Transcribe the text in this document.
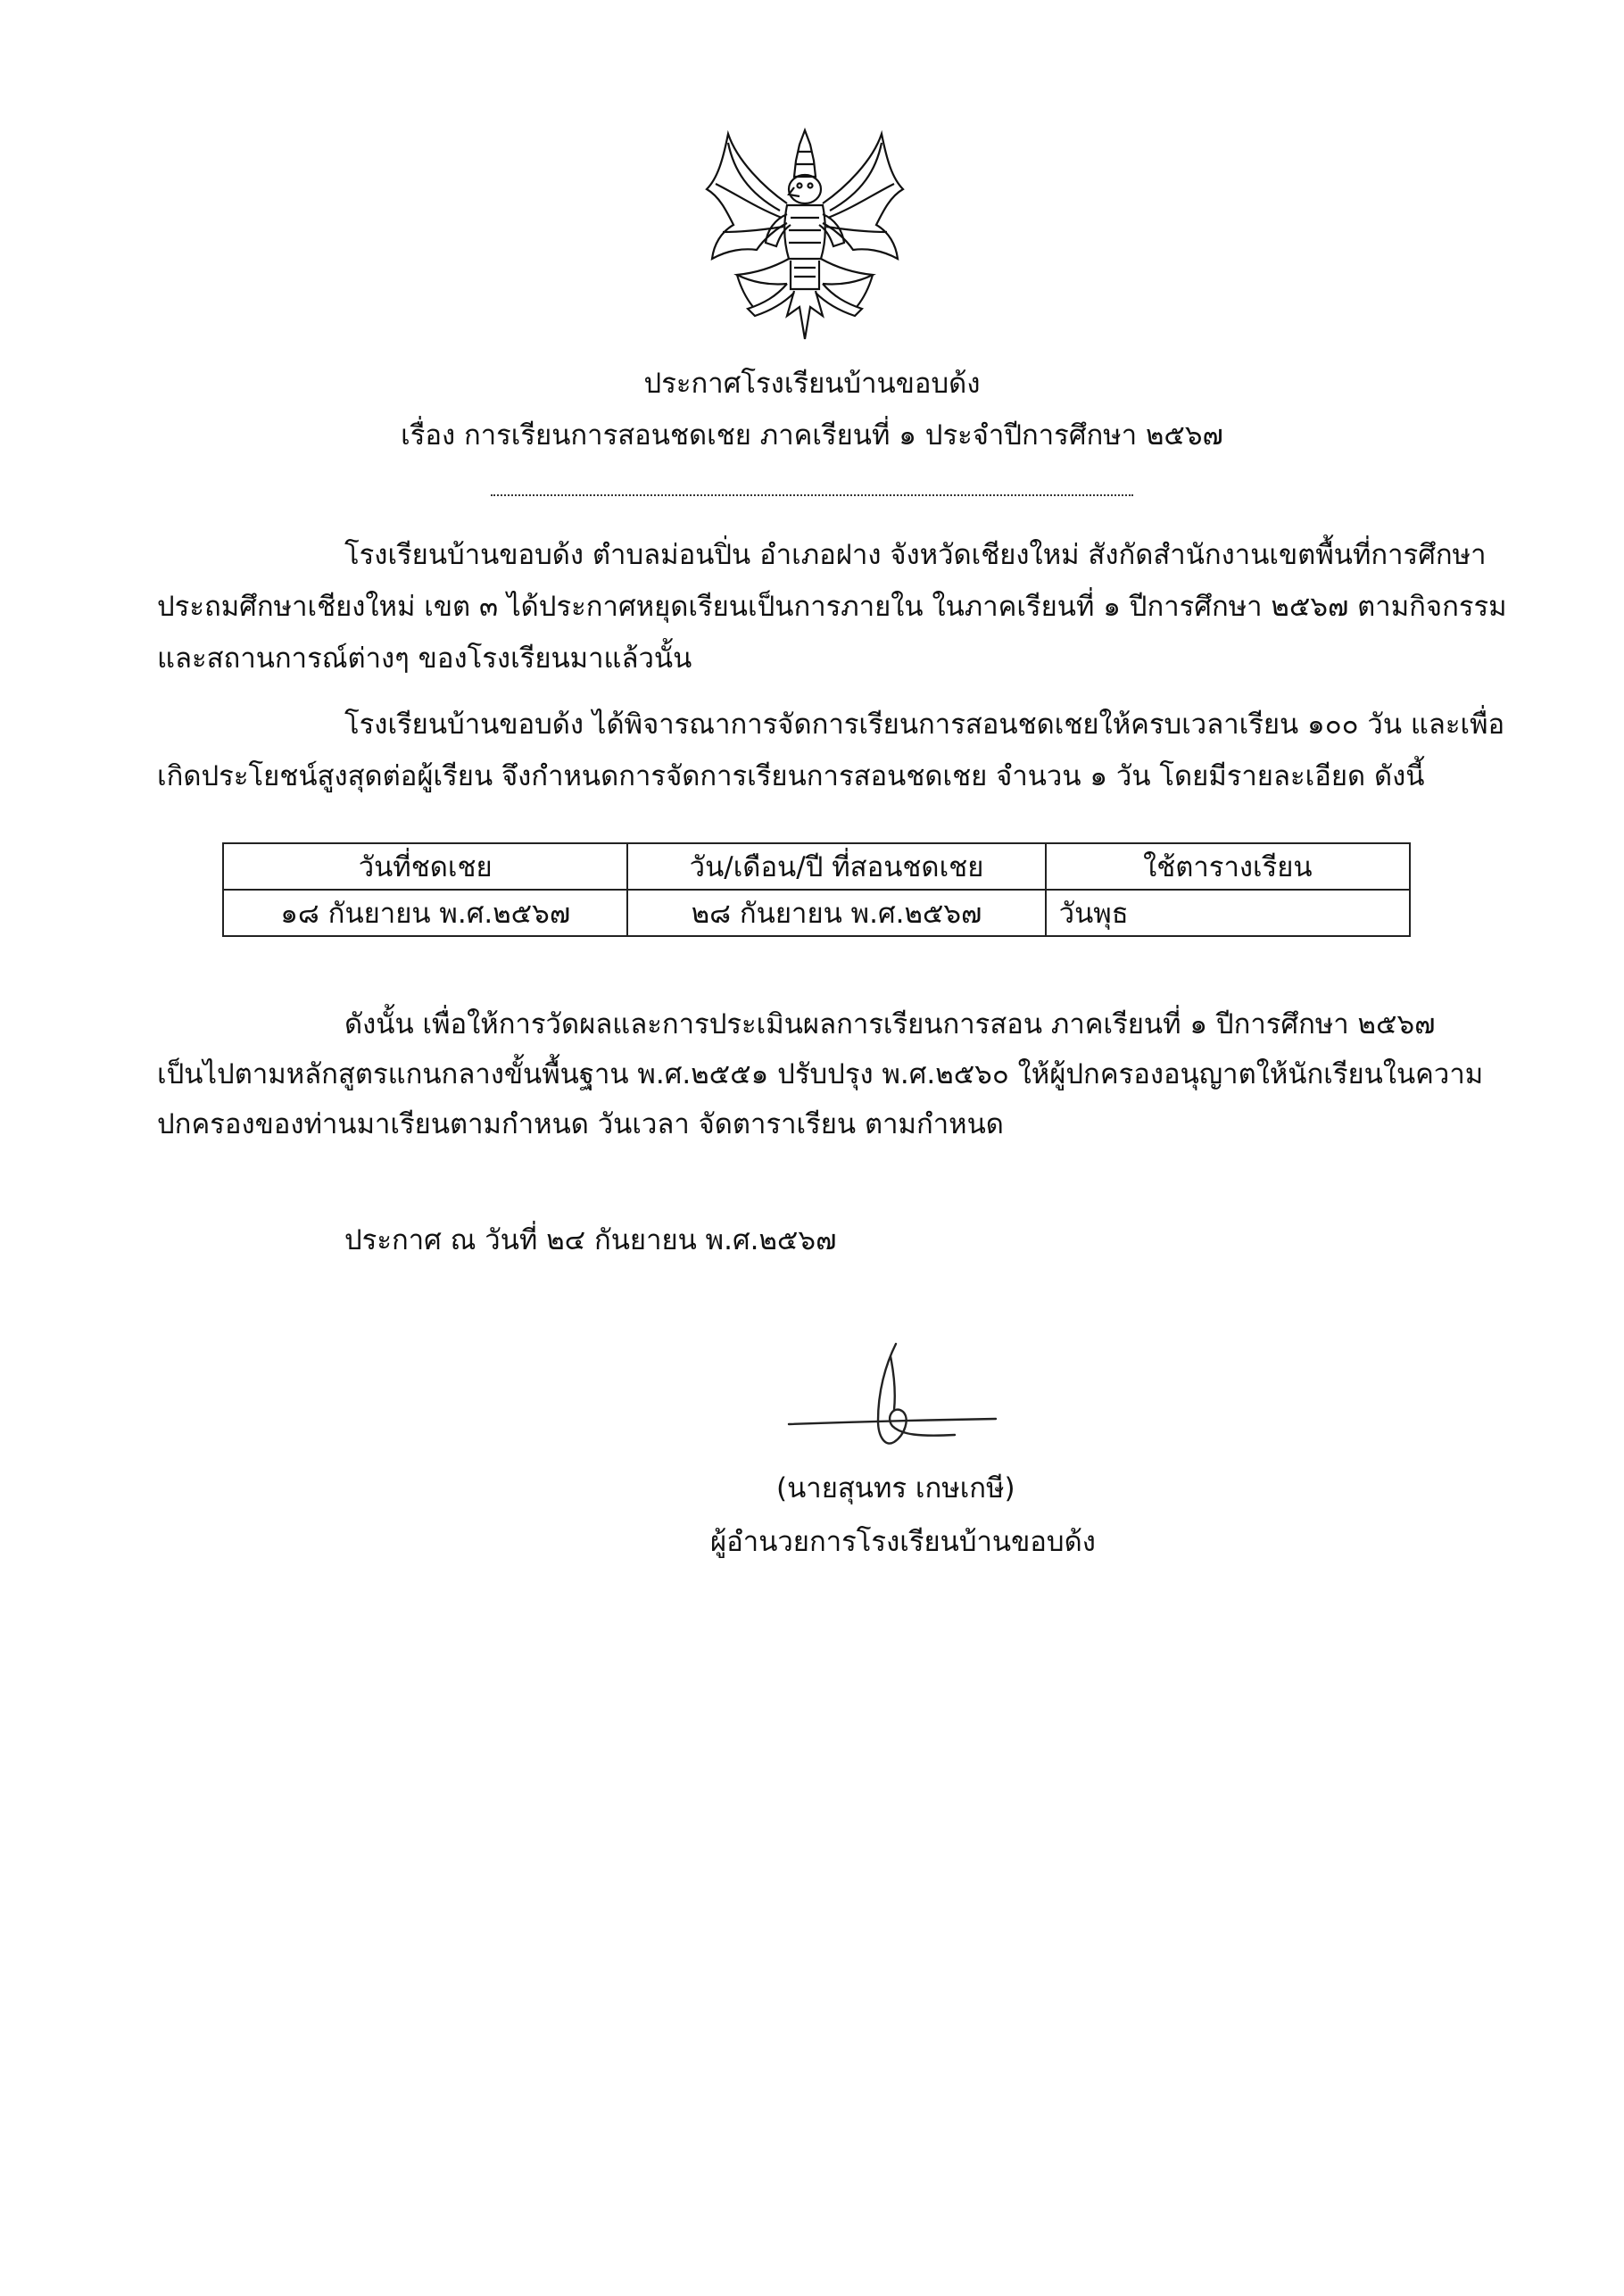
ประกาศโรงเรียนบ้านขอบด้ง
เรื่อง การเรียนการสอนชดเชย ภาคเรียนที่ ๑ ประจำปีการศึกษา ๒๕๖๗
โรงเรียนบ้านขอบด้ง ตำบลม่อนปิ่น อำเภอฝาง จังหวัดเชียงใหม่ สังกัดสำนักงานเขตพื้นที่การศึกษา
ประถมศึกษาเชียงใหม่ เขต ๓ ได้ประกาศหยุดเรียนเป็นการภายใน ในภาคเรียนที่ ๑ ปีการศึกษา ๒๕๖๗ ตามกิจกรรม
และสถานการณ์ต่างๆ ของโรงเรียนมาแล้วนั้น
โรงเรียนบ้านขอบด้ง ได้พิจารณาการจัดการเรียนการสอนชดเชยให้ครบเวลาเรียน ๑๐๐ วัน และเพื่อ
เกิดประโยชน์สูงสุดต่อผู้เรียน จึงกำหนดการจัดการเรียนการสอนชดเชย จำนวน ๑ วัน โดยมีรายละเอียด ดังนี้
วันที่ชดเชย	วัน/เดือน/ปี ที่สอนชดเชย	ใช้ตารางเรียน
๑๘ กันยายน พ.ศ.๒๕๖๗	๒๘ กันยายน พ.ศ.๒๕๖๗	วันพุธ
ดังนั้น เพื่อให้การวัดผลและการประเมินผลการเรียนการสอน ภาคเรียนที่ ๑ ปีการศึกษา ๒๕๖๗
เป็นไปตามหลักสูตรแกนกลางขั้นพื้นฐาน พ.ศ.๒๕๕๑ ปรับปรุง พ.ศ.๒๕๖๐ ให้ผู้ปกครองอนุญาตให้นักเรียนในความ
ปกครองของท่านมาเรียนตามกำหนด วันเวลา จัดตาราเรียน ตามกำหนด
ประกาศ ณ วันที่ ๒๔ กันยายน พ.ศ.๒๕๖๗
(นายสุนทร เกษเกษี)
ผู้อำนวยการโรงเรียนบ้านขอบด้ง
